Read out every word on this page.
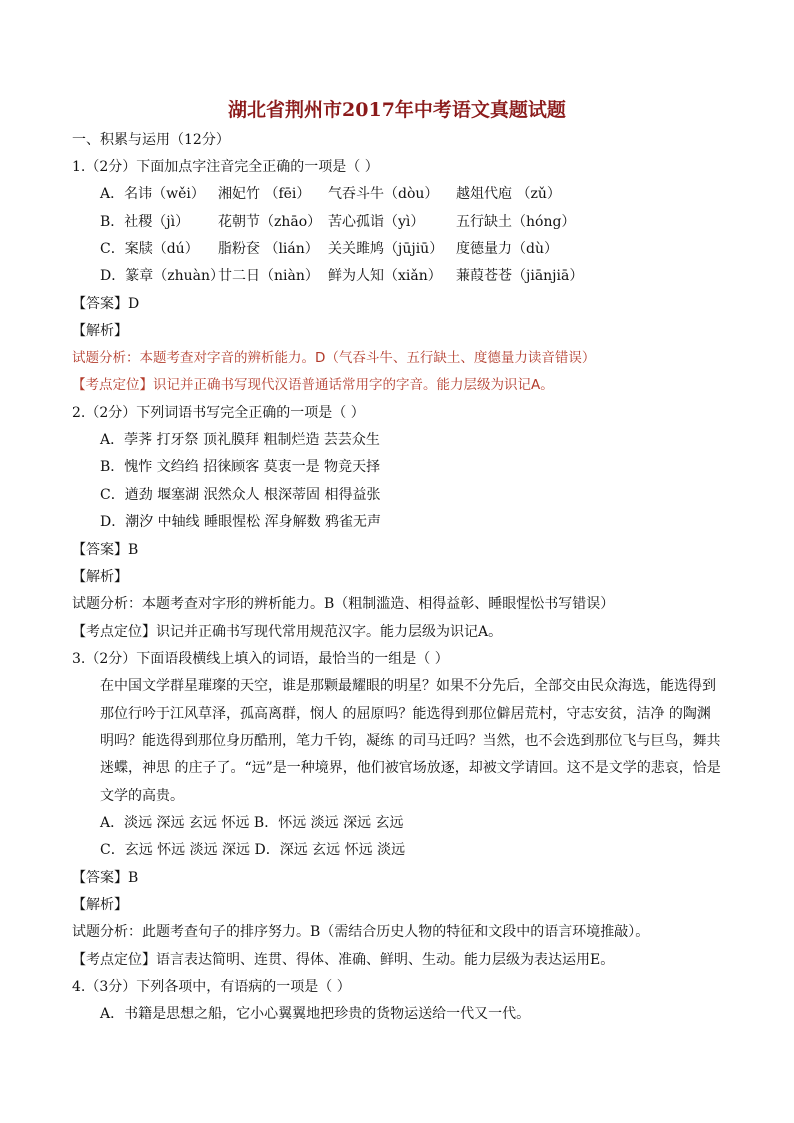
湖北省荆州市2017年中考语文真题试题
一、积累与运用（12分）
1.（2分）下面加点字注音完全正确的一项是（ ）
A．名讳（wěi） 湘妃竹 （fēi） 气吞斗牛（dòu） 越俎代庖 （zǔ）
B．社稷（jì） 花朝节（zhāo） 苦心孤诣（yì） 五行缺土（hóng）
C．案牍（dú） 脂粉奁 （lián） 关关雎鸠（jūjiū） 度德量力（dù）
D．篆章（zhuàn）廿二日（niàn） 鲜为人知（xiǎn） 蒹葭苍苍（jiānjiā）
【答案】D
【解析】
试题分析：本题考查对字音的辨析能力。D（气吞斗牛、五行缺土、度德量力读音错误）
【考点定位】识记并正确书写现代汉语普通话常用字的字音。能力层级为识记A。
2.（2分）下列词语书写完全正确的一项是（ ）
A．荸荠 打牙祭 顶礼膜拜 粗制烂造 芸芸众生
B．愧怍 文绉绉 招徕顾客 莫衷一是 物竞天择
C．遒劲 堰塞湖 泯然众人 根深蒂固 相得益张
D．潮汐 中轴线 睡眼惺松 浑身解数 鸦雀无声
【答案】B
【解析】
试题分析：本题考查对字形的辨析能力。B（粗制滥造、相得益彰、睡眼惺忪书写错误）
【考点定位】识记并正确书写现代常用规范汉字。能力层级为识记A。
3.（2分）下面语段横线上填入的词语，最恰当的一组是（ ）
在中国文学群星璀璨的天空，谁是那颗最耀眼的明星？如果不分先后，全部交由民众海选，能选得到
那位行吟于江风草泽，孤高离群，悯人 的屈原吗？能选得到那位僻居荒村，守志安贫，洁净 的陶渊
明吗？能选得到那位身历酷刑，笔力千钧，凝练 的司马迁吗？当然，也不会选到那位飞与巨鸟，舞共
迷蝶，神思 的庄子了。“远”是一种境界，他们被官场放逐，却被文学请回。这不是文学的悲哀，恰是
文学的高贵。
A．淡远 深远 玄远 怀远 B．怀远 淡远 深远 玄远
C．玄远 怀远 淡远 深远 D．深远 玄远 怀远 淡远
【答案】B
【解析】
试题分析：此题考查句子的排序努力。B（需结合历史人物的特征和文段中的语言环境推敲）。
【考点定位】语言表达简明、连贯、得体、准确、鲜明、生动。能力层级为表达运用E。
4.（3分）下列各项中，有语病的一项是（ ）
A．书籍是思想之船，它小心翼翼地把珍贵的货物运送给一代又一代。
